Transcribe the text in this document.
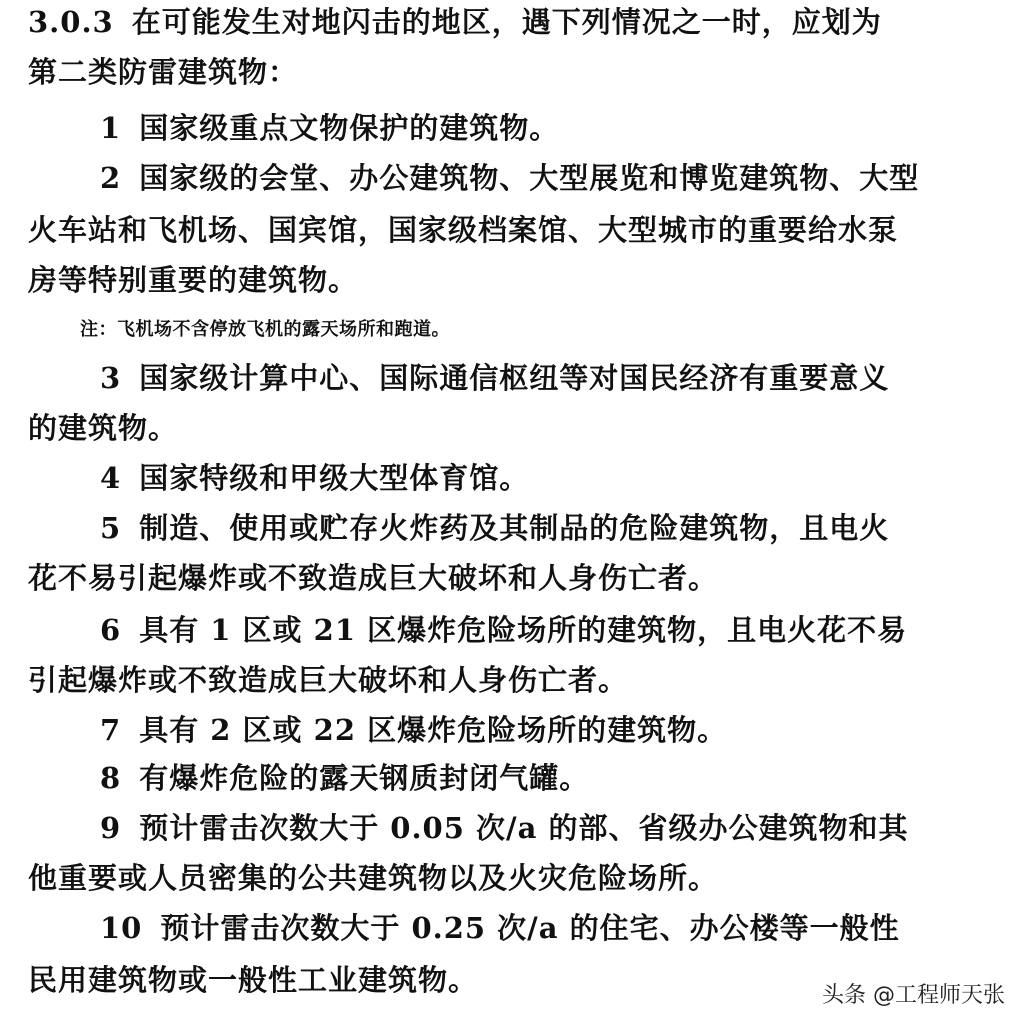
3.0.3 在可能发生对地闪击的地区，遇下列情况之一时，应划为
第二类防雷建筑物：
1 国家级重点文物保护的建筑物。
2 国家级的会堂、办公建筑物、大型展览和博览建筑物、大型
火车站和飞机场、国宾馆，国家级档案馆、大型城市的重要给水泵
房等特别重要的建筑物。
注：飞机场不含停放飞机的露天场所和跑道。
3 国家级计算中心、国际通信枢纽等对国民经济有重要意义
的建筑物。
4 国家特级和甲级大型体育馆。
5 制造、使用或贮存火炸药及其制品的危险建筑物，且电火
花不易引起爆炸或不致造成巨大破坏和人身伤亡者。
6 具有 1 区或 21 区爆炸危险场所的建筑物，且电火花不易
引起爆炸或不致造成巨大破坏和人身伤亡者。
7 具有 2 区或 22 区爆炸危险场所的建筑物。
8 有爆炸危险的露天钢质封闭气罐。
9 预计雷击次数大于 0.05 次/a 的部、省级办公建筑物和其
他重要或人员密集的公共建筑物以及火灾危险场所。
10 预计雷击次数大于 0.25 次/a 的住宅、办公楼等一般性
民用建筑物或一般性工业建筑物。	头条 @工程师天张
